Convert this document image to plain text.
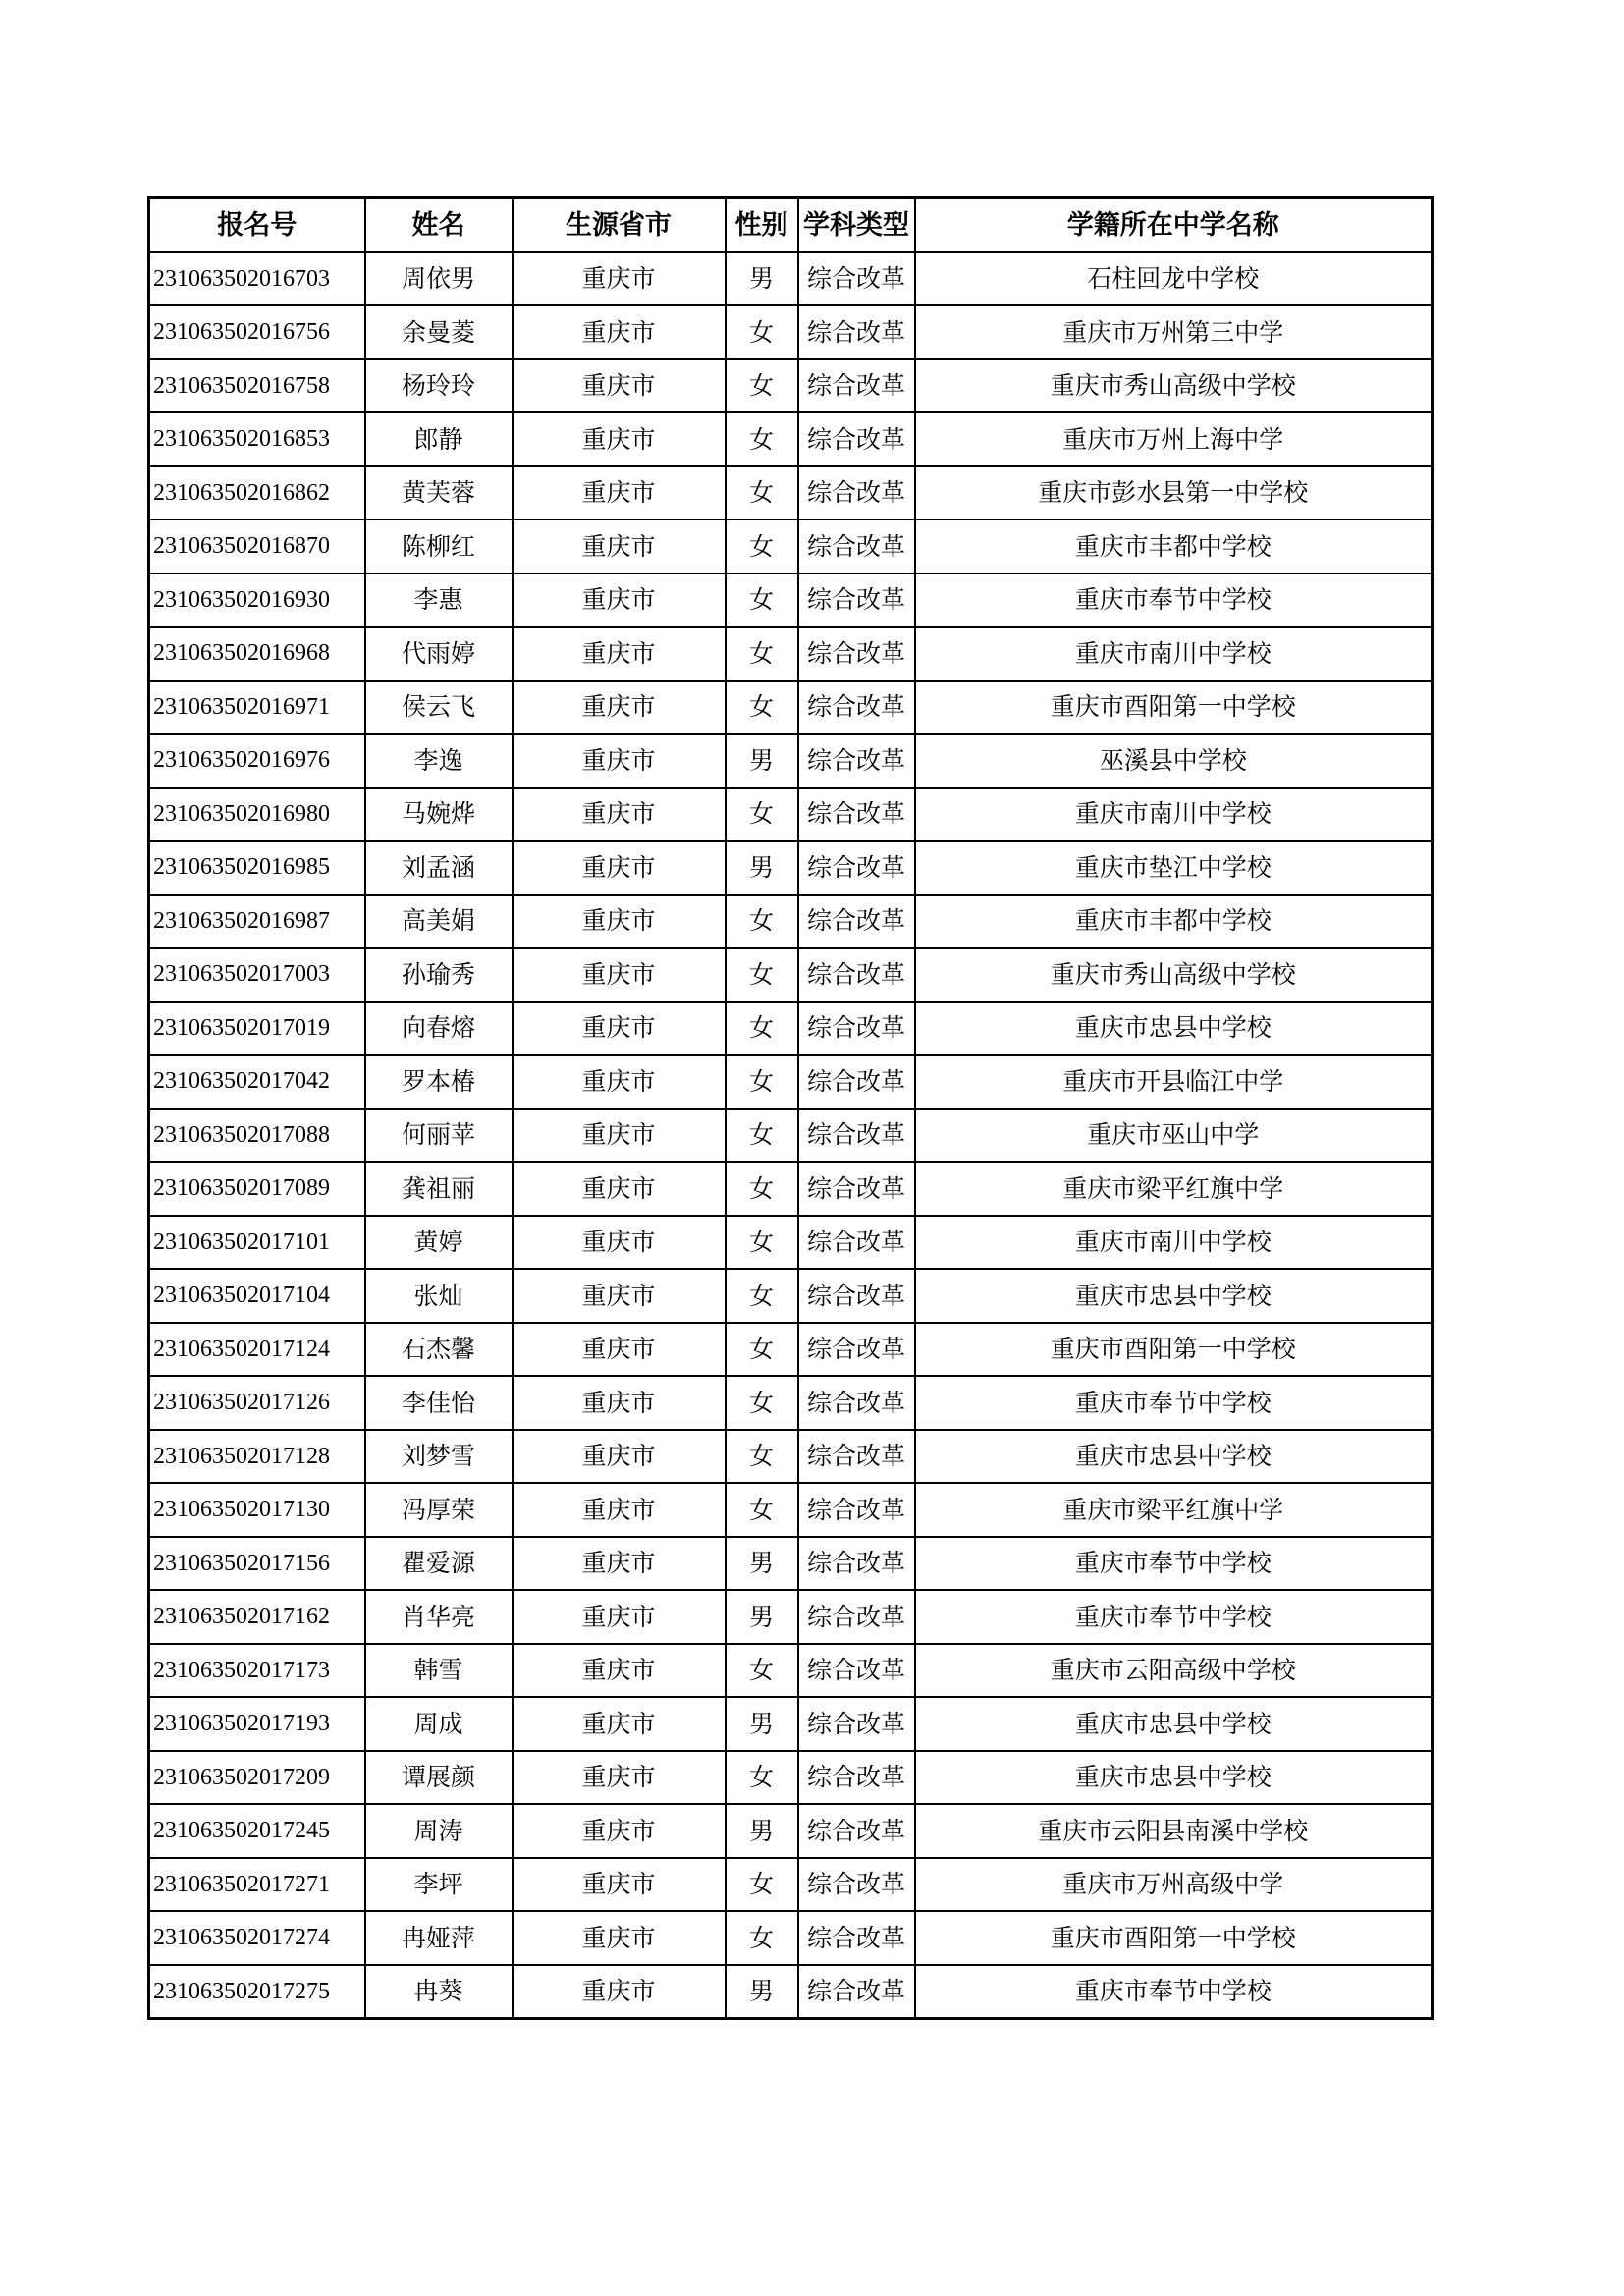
报名号	姓名	生源省市	性别	学科类型	学籍所在中学名称
231063502016703	周依男	重庆市	男	综合改革	石柱回龙中学校
231063502016756	余曼菱	重庆市	女	综合改革	重庆市万州第三中学
231063502016758	杨玲玲	重庆市	女	综合改革	重庆市秀山高级中学校
231063502016853	郎静	重庆市	女	综合改革	重庆市万州上海中学
231063502016862	黄芙蓉	重庆市	女	综合改革	重庆市彭水县第一中学校
231063502016870	陈柳红	重庆市	女	综合改革	重庆市丰都中学校
231063502016930	李惠	重庆市	女	综合改革	重庆市奉节中学校
231063502016968	代雨婷	重庆市	女	综合改革	重庆市南川中学校
231063502016971	侯云飞	重庆市	女	综合改革	重庆市酉阳第一中学校
231063502016976	李逸	重庆市	男	综合改革	巫溪县中学校
231063502016980	马婉烨	重庆市	女	综合改革	重庆市南川中学校
231063502016985	刘孟涵	重庆市	男	综合改革	重庆市垫江中学校
231063502016987	高美娟	重庆市	女	综合改革	重庆市丰都中学校
231063502017003	孙瑜秀	重庆市	女	综合改革	重庆市秀山高级中学校
231063502017019	向春熔	重庆市	女	综合改革	重庆市忠县中学校
231063502017042	罗本椿	重庆市	女	综合改革	重庆市开县临江中学
231063502017088	何丽苹	重庆市	女	综合改革	重庆市巫山中学
231063502017089	龚祖丽	重庆市	女	综合改革	重庆市梁平红旗中学
231063502017101	黄婷	重庆市	女	综合改革	重庆市南川中学校
231063502017104	张灿	重庆市	女	综合改革	重庆市忠县中学校
231063502017124	石杰馨	重庆市	女	综合改革	重庆市酉阳第一中学校
231063502017126	李佳怡	重庆市	女	综合改革	重庆市奉节中学校
231063502017128	刘梦雪	重庆市	女	综合改革	重庆市忠县中学校
231063502017130	冯厚荣	重庆市	女	综合改革	重庆市梁平红旗中学
231063502017156	瞿爱源	重庆市	男	综合改革	重庆市奉节中学校
231063502017162	肖华亮	重庆市	男	综合改革	重庆市奉节中学校
231063502017173	韩雪	重庆市	女	综合改革	重庆市云阳高级中学校
231063502017193	周成	重庆市	男	综合改革	重庆市忠县中学校
231063502017209	谭展颜	重庆市	女	综合改革	重庆市忠县中学校
231063502017245	周涛	重庆市	男	综合改革	重庆市云阳县南溪中学校
231063502017271	李坪	重庆市	女	综合改革	重庆市万州高级中学
231063502017274	冉娅萍	重庆市	女	综合改革	重庆市酉阳第一中学校
231063502017275	冉葵	重庆市	男	综合改革	重庆市奉节中学校
